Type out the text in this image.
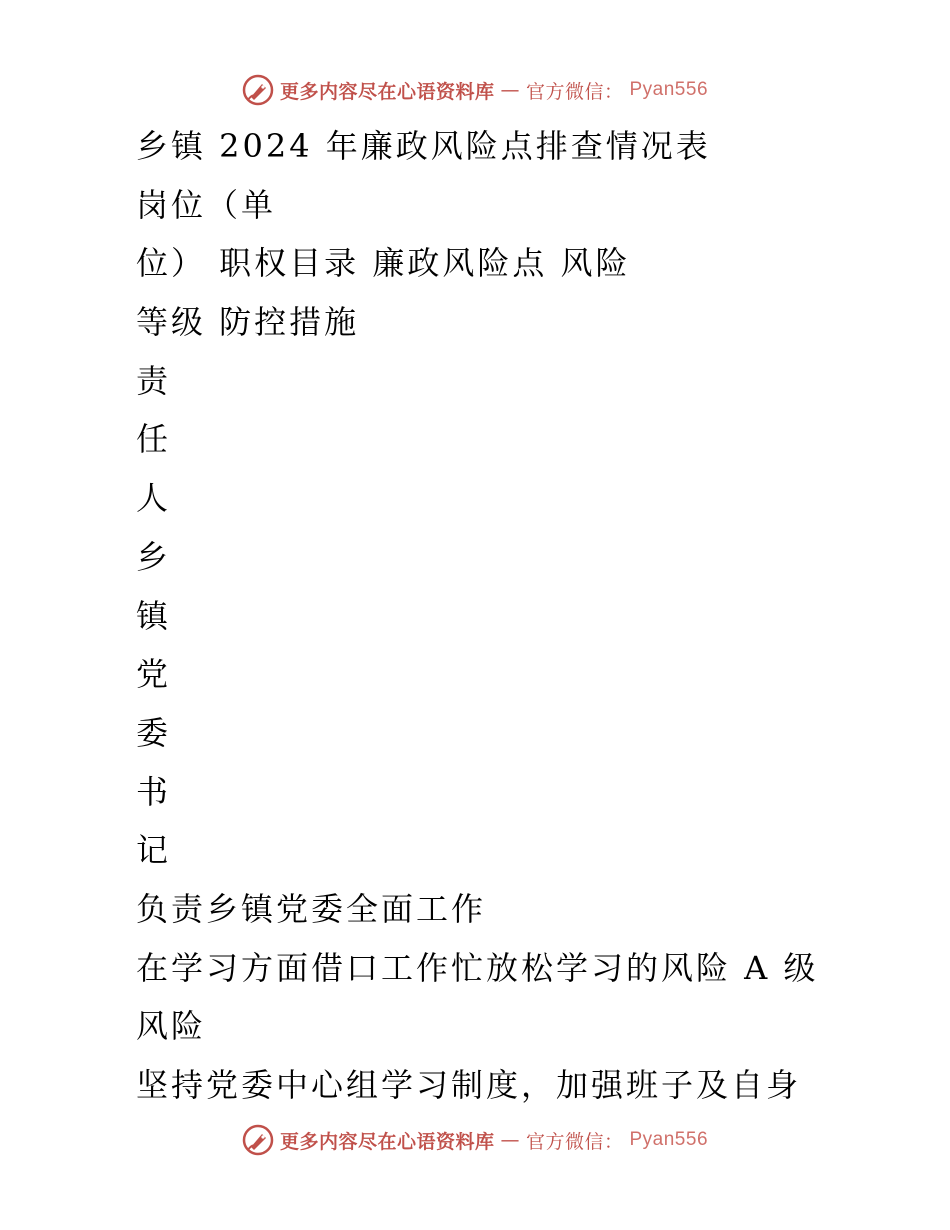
更多内容尽在心语资料库 — 官方微信： Pyan556
乡镇 2024 年廉政风险点排查情况表
岗位（单
位） 职权目录 廉政风险点 风险
等级 防控措施
责
任
人
乡
镇
党
委
书
记
负责乡镇党委全面工作
在学习方面借口工作忙放松学习的风险 A 级
风险
坚持党委中心组学习制度，加强班子及自身
更多内容尽在心语资料库 — 官方微信： Pyan556
